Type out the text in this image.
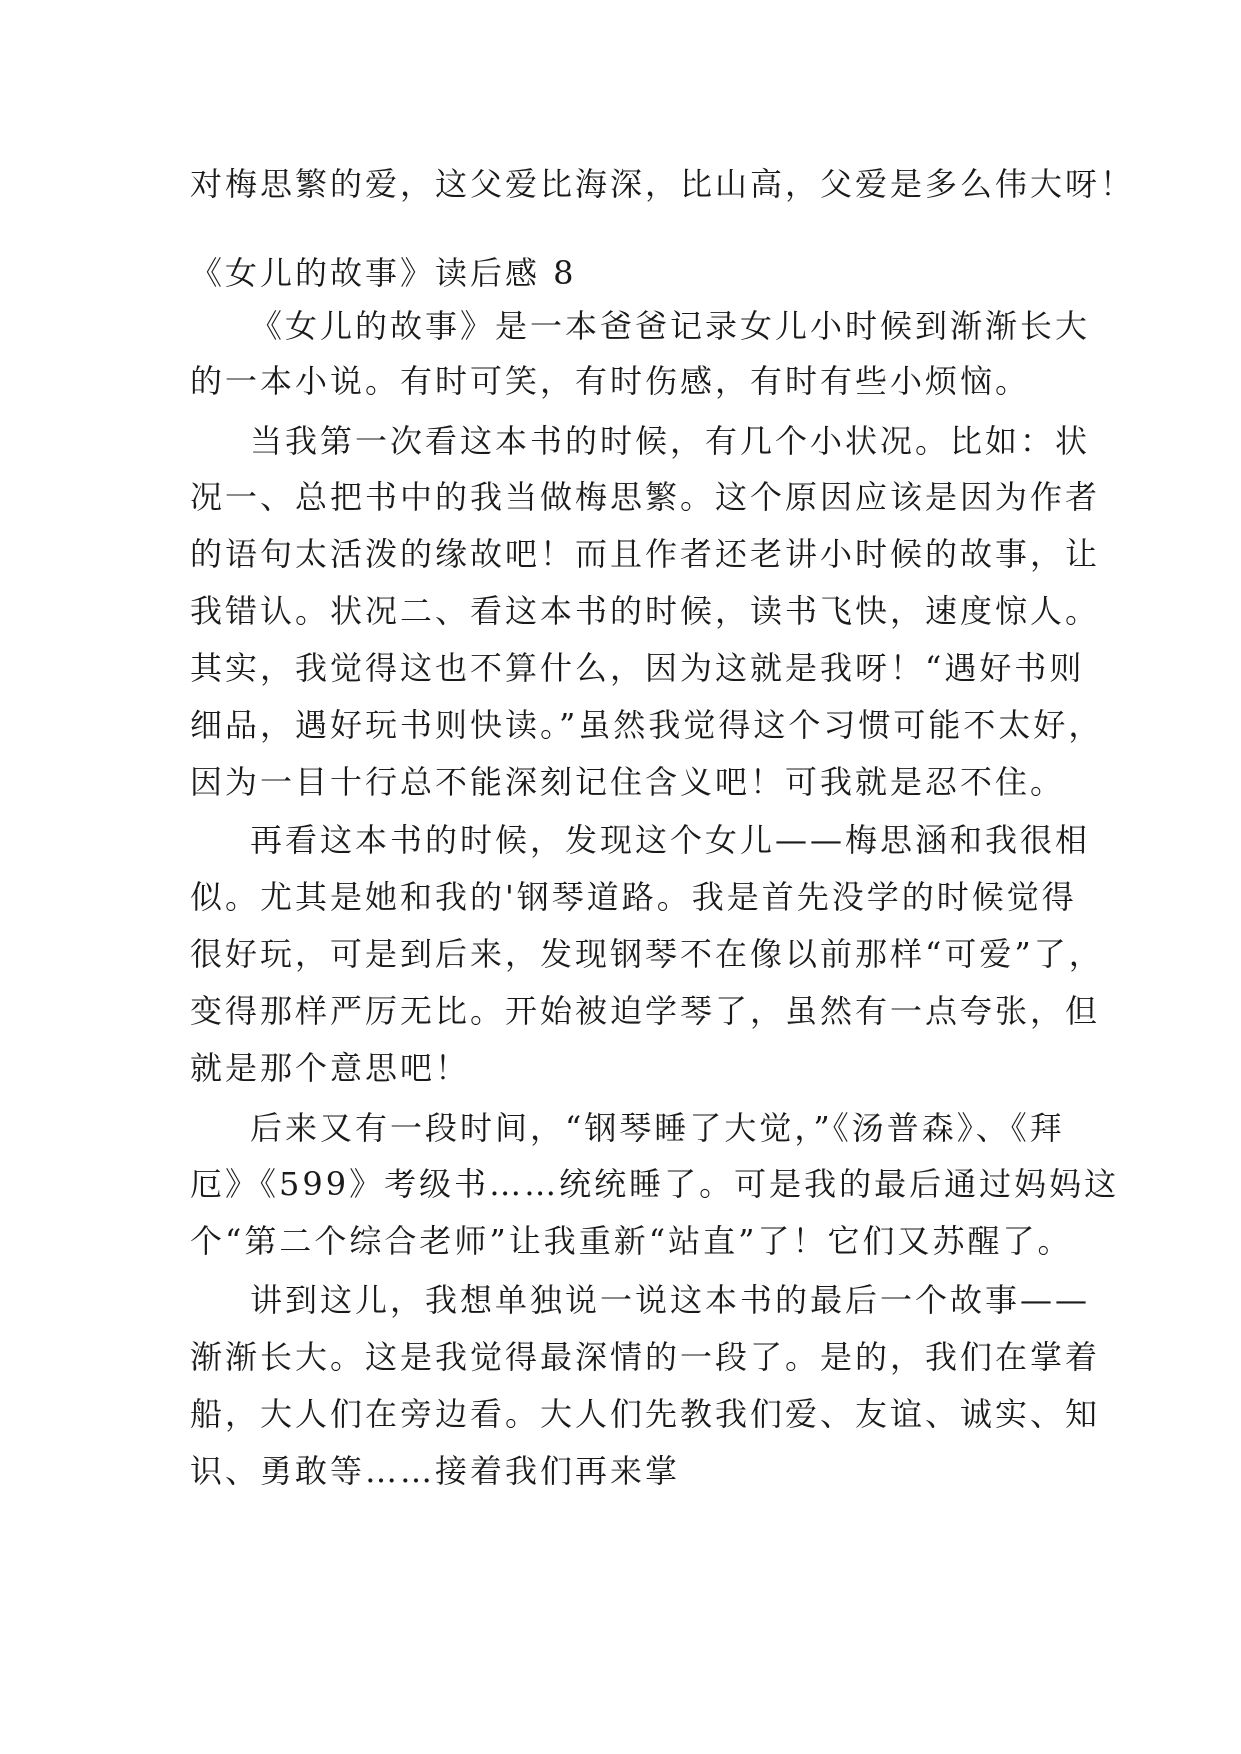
对梅思繁的爱，这父爱比海深，比山高，父爱是多么伟大呀！

《女儿的故事》读后感 8

《女儿的故事》是一本爸爸记录女儿小时候到渐渐长大

的一本小说。有时可笑，有时伤感，有时有些小烦恼。

当我第一次看这本书的时候，有几个小状况。比如：状

况一、总把书中的我当做梅思繁。这个原因应该是因为作者

的语句太活泼的缘故吧！而且作者还老讲小时候的故事，让

我错认。状况二、看这本书的时候，读书飞快，速度惊人。

其实，我觉得这也不算什么，因为这就是我呀！“遇好书则

细品，遇好玩书则快读。”虽然我觉得这个习惯可能不太好，

因为一目十行总不能深刻记住含义吧！可我就是忍不住。

再看这本书的时候，发现这个女儿——梅思涵和我很相

似。尤其是她和我的'钢琴道路。我是首先没学的时候觉得

很好玩，可是到后来，发现钢琴不在像以前那样“可爱”了，

变得那样严厉无比。开始被迫学琴了，虽然有一点夸张，但

就是那个意思吧！

后来又有一段时间，“钢琴睡了大觉，”《汤普森》、《拜

厄》《599》考级书……统统睡了。可是我的最后通过妈妈这

个“第二个综合老师”让我重新“站直”了！它们又苏醒了。

讲到这儿，我想单独说一说这本书的最后一个故事——

渐渐长大。这是我觉得最深情的一段了。是的，我们在掌着

船，大人们在旁边看。大人们先教我们爱、友谊、诚实、知

识、勇敢等……接着我们再来掌
